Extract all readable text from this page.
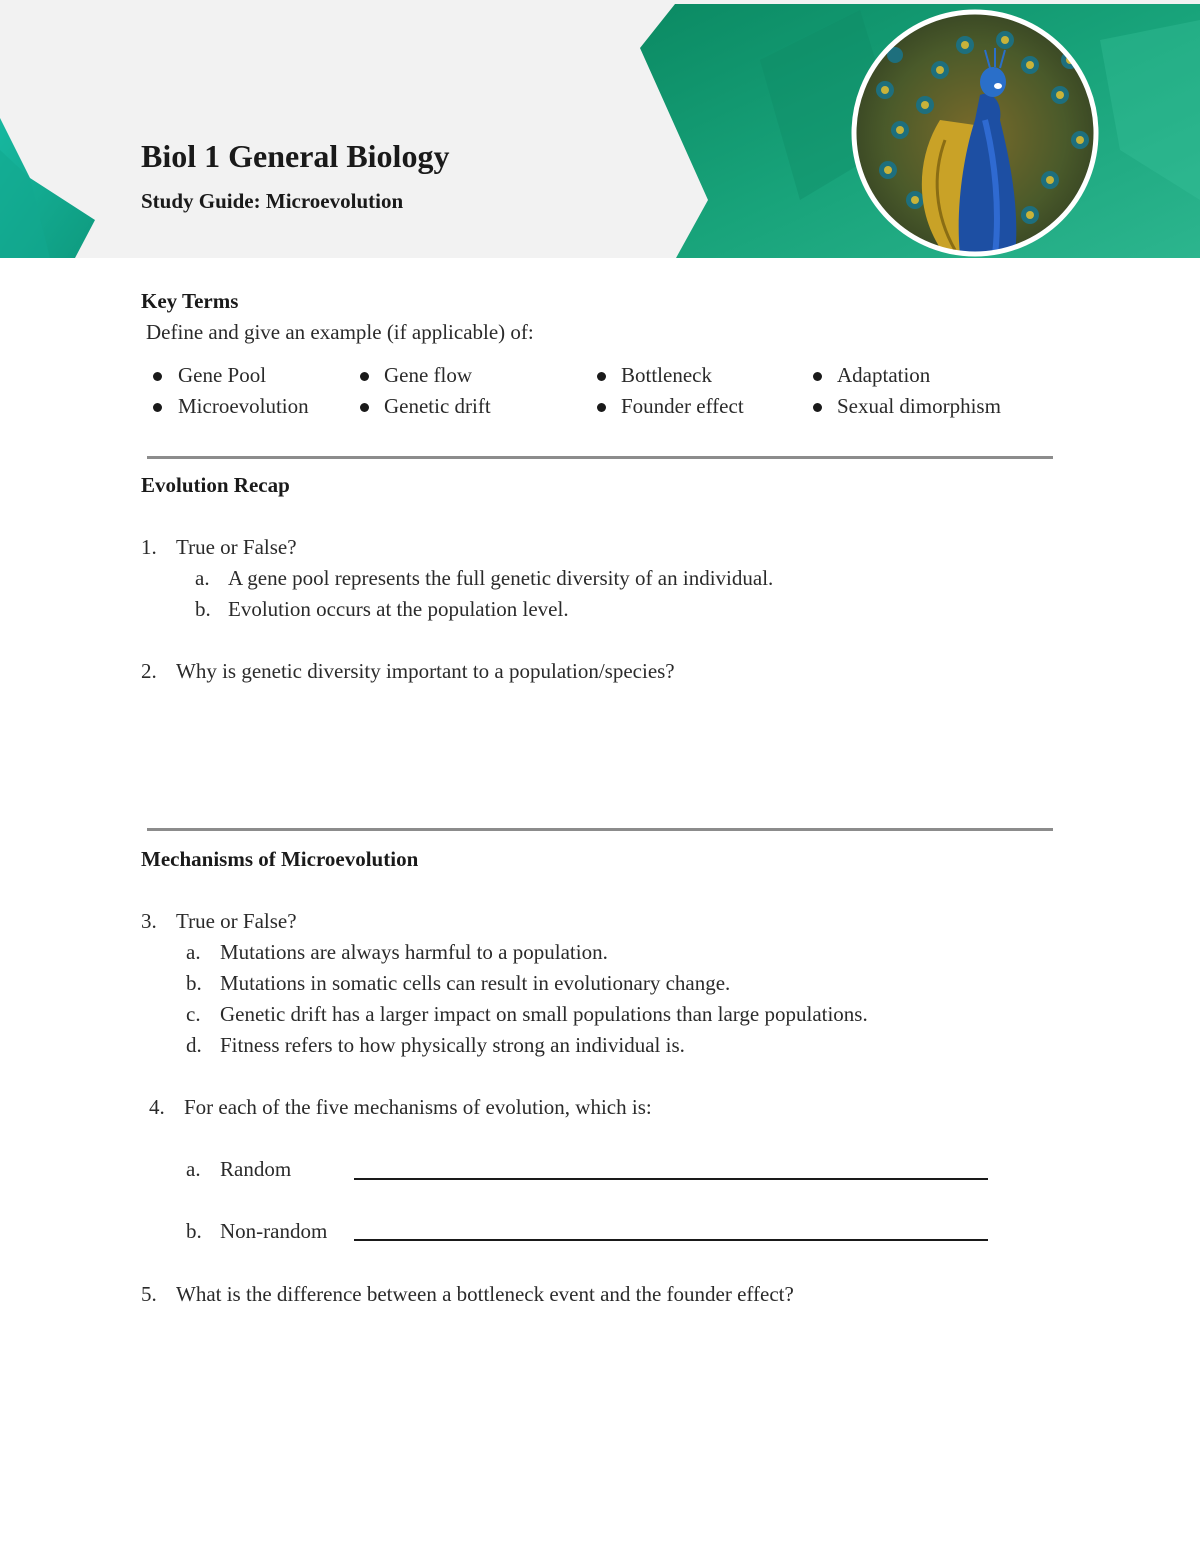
Biol 1 General Biology
Study Guide: Microevolution
Key Terms
Define and give an example (if applicable) of:
Gene Pool
Microevolution
Gene flow
Genetic drift
Bottleneck
Founder effect
Adaptation
Sexual dimorphism
Evolution Recap
1. True or False?
a. A gene pool represents the full genetic diversity of an individual.
b. Evolution occurs at the population level.
2. Why is genetic diversity important to a population/species?
Mechanisms of Microevolution
3. True or False?
a. Mutations are always harmful to a population.
b. Mutations in somatic cells can result in evolutionary change.
c. Genetic drift has a larger impact on small populations than large populations.
d. Fitness refers to how physically strong an individual is.
4. For each of the five mechanisms of evolution, which is:
a. Random
b. Non-random
5. What is the difference between a bottleneck event and the founder effect?
